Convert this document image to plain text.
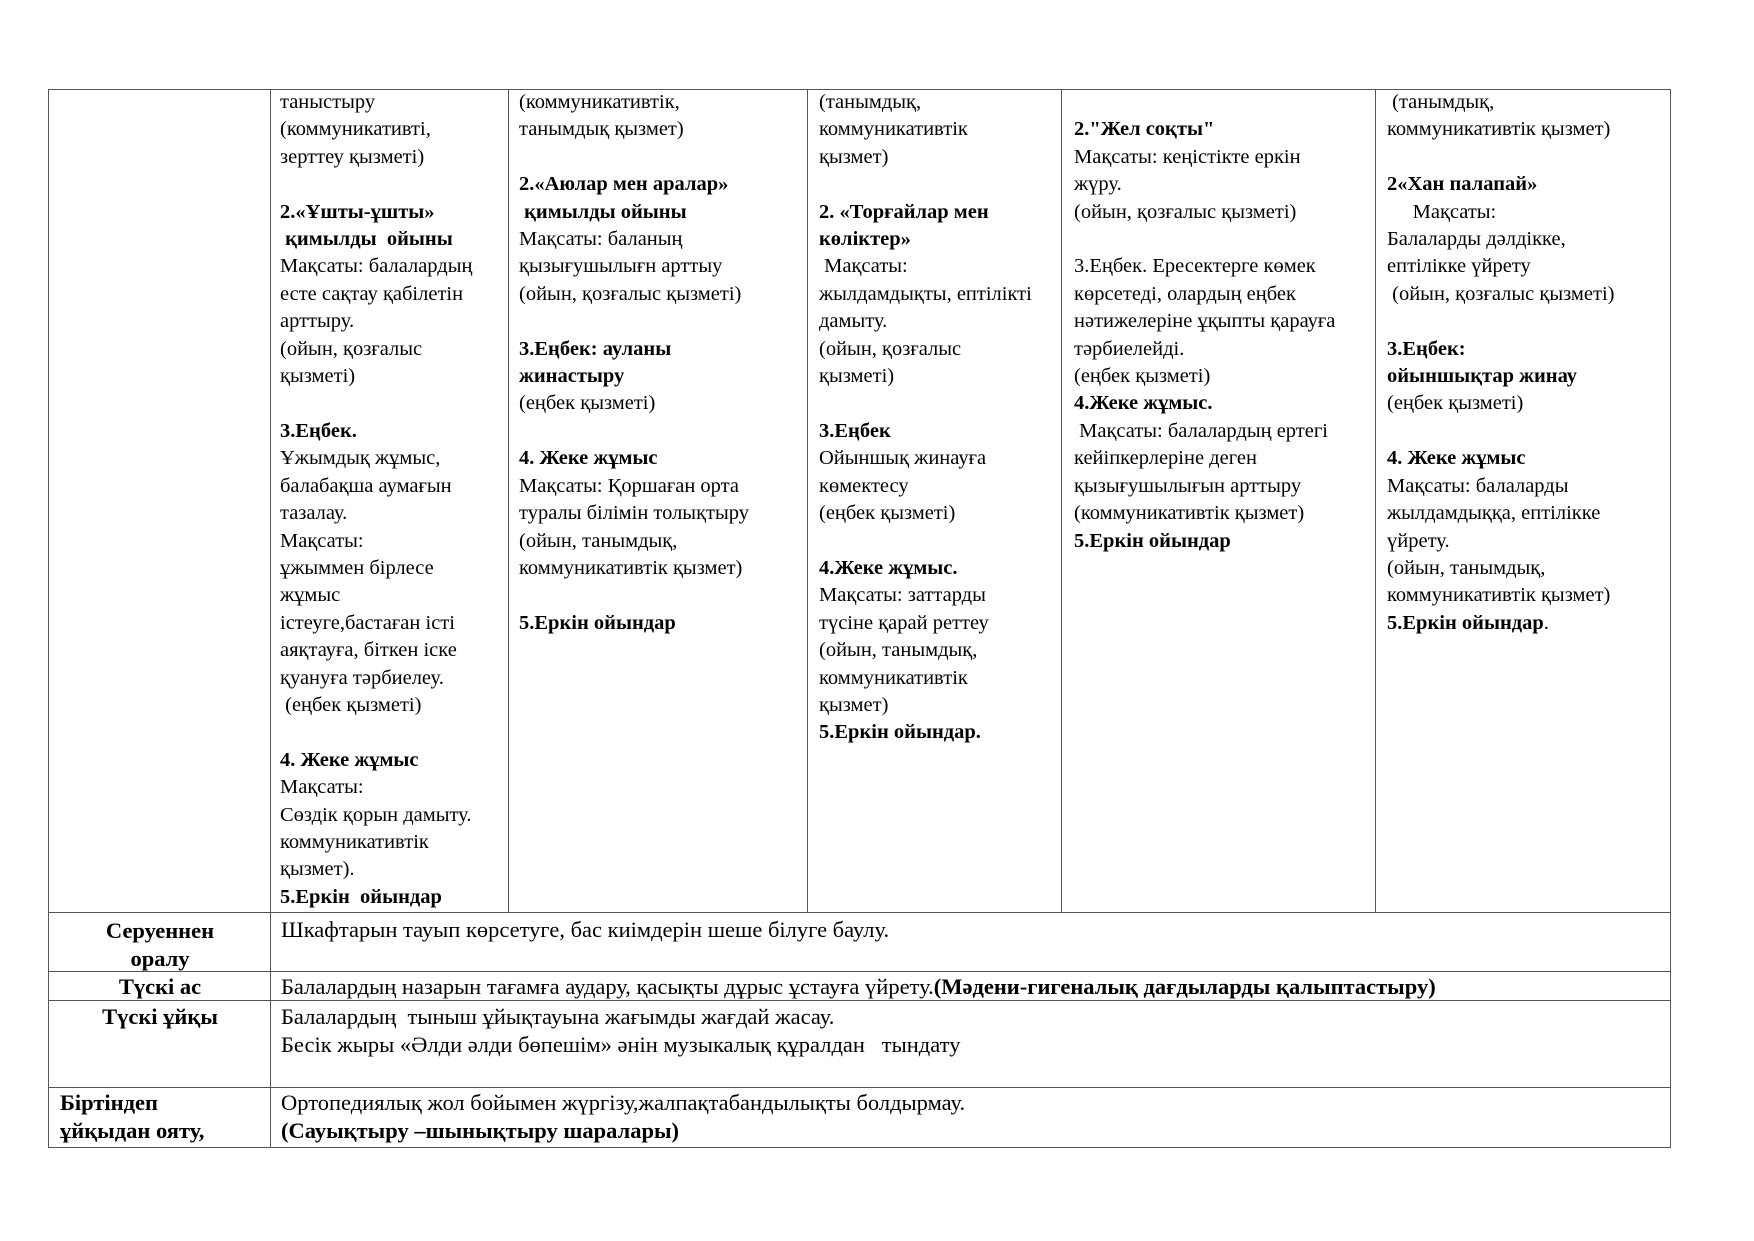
таныстыру
(коммуникативті,
зерттеу қызметі)
2.«Ұшты-ұшты»
қимылды  ойыны
Мақсаты: балалардың
есте сақтау қабілетін
арттыру.
(ойын, қозғалыс
қызметі)
3.Еңбек.
Ұжымдық жұмыс,
балабақша аумағын
тазалау.
Мақсаты:
ұжыммен бірлесе
жұмыс
істеуге,бастаған істі
аяқтауға, біткен іске
қуануға тәрбиелеу.
(еңбек қызметі)
4. Жеке жұмыс
Мақсаты:
Сөздік қорын дамыту.
коммуникативтік
қызмет).
5.Еркін  ойындар
(коммуникативтік,
танымдық қызмет)
2.«Аюлар мен аралар»
қимылды ойыны
Мақсаты: баланың
қызығушылығн арттыу
(ойын, қозғалыс қызметі)
3.Еңбек: ауланы
жинастыру
(еңбек қызметі)
4. Жеке жұмыс
Мақсаты: Қоршаған орта
туралы білімін толықтыру
(ойын, танымдық,
коммуникативтік қызмет)
5.Еркін ойындар
(танымдық,
коммуникативтік
қызмет)
2. «Торғайлар мен
көліктер»
Мақсаты:
жылдамдықты, ептілікті
дамыту.
(ойын, қозғалыс
қызметі)
3.Еңбек
Ойыншық жинауға
көмектесу
(еңбек қызметі)
4.Жеке жұмыс.
Мақсаты: заттарды
түсіне қарай реттеу
(ойын, танымдық,
коммуникативтік
қызмет)
5.Еркін ойындар.
2."Жел соқты"
Мақсаты: кеңістікте еркін
жүру.
(ойын, қозғалыс қызметі)
3.Еңбек. Ересектерге көмек
көрсетеді, олардың еңбек
нәтижелеріне ұқыпты қарауға
тәрбиелейді.
(еңбек қызметі)
4.Жеке жұмыс.
Мақсаты: балалардың ертегі
кейіпкерлеріне деген
қызығушылығын арттыру
(коммуникативтік қызмет)
5.Еркін ойындар
(танымдық,
коммуникативтік қызмет)
2«Хан палапай»
Мақсаты:
Балаларды дәлдікке,
ептілікке үйрету
(ойын, қозғалыс қызметі)
3.Еңбек:
ойыншықтар жинау
(еңбек қызметі)
4. Жеке жұмыс
Мақсаты: балаларды
жылдамдыққа, ептілікке
үйрету.
(ойын, танымдық,
коммуникативтік қызмет)
5.Еркін ойындар.
Серуеннен
оралу
Шкафтарын тауып көрсетуге, бас киімдерін шеше білуге баулу.
Түскі ас	Балалардың назарын тағамға аудару, қасықты дұрыс ұстауға үйрету.(Мәдени-гигеналық дағдыларды қалыптастыру)
Түскі ұйқы	Балалардың  тыныш ұйықтауына жағымды жағдай жасау.
Бесік жыры «Әлди әлди бөпешім» әнін музыкалық құралдан   тындату
Біртіндеп
ұйқыдан ояту,
Ортопедиялық жол бойымен жүргізу,жалпақтабандылықты болдырмау.
(Сауықтыру –шынықтыру шаралары)
